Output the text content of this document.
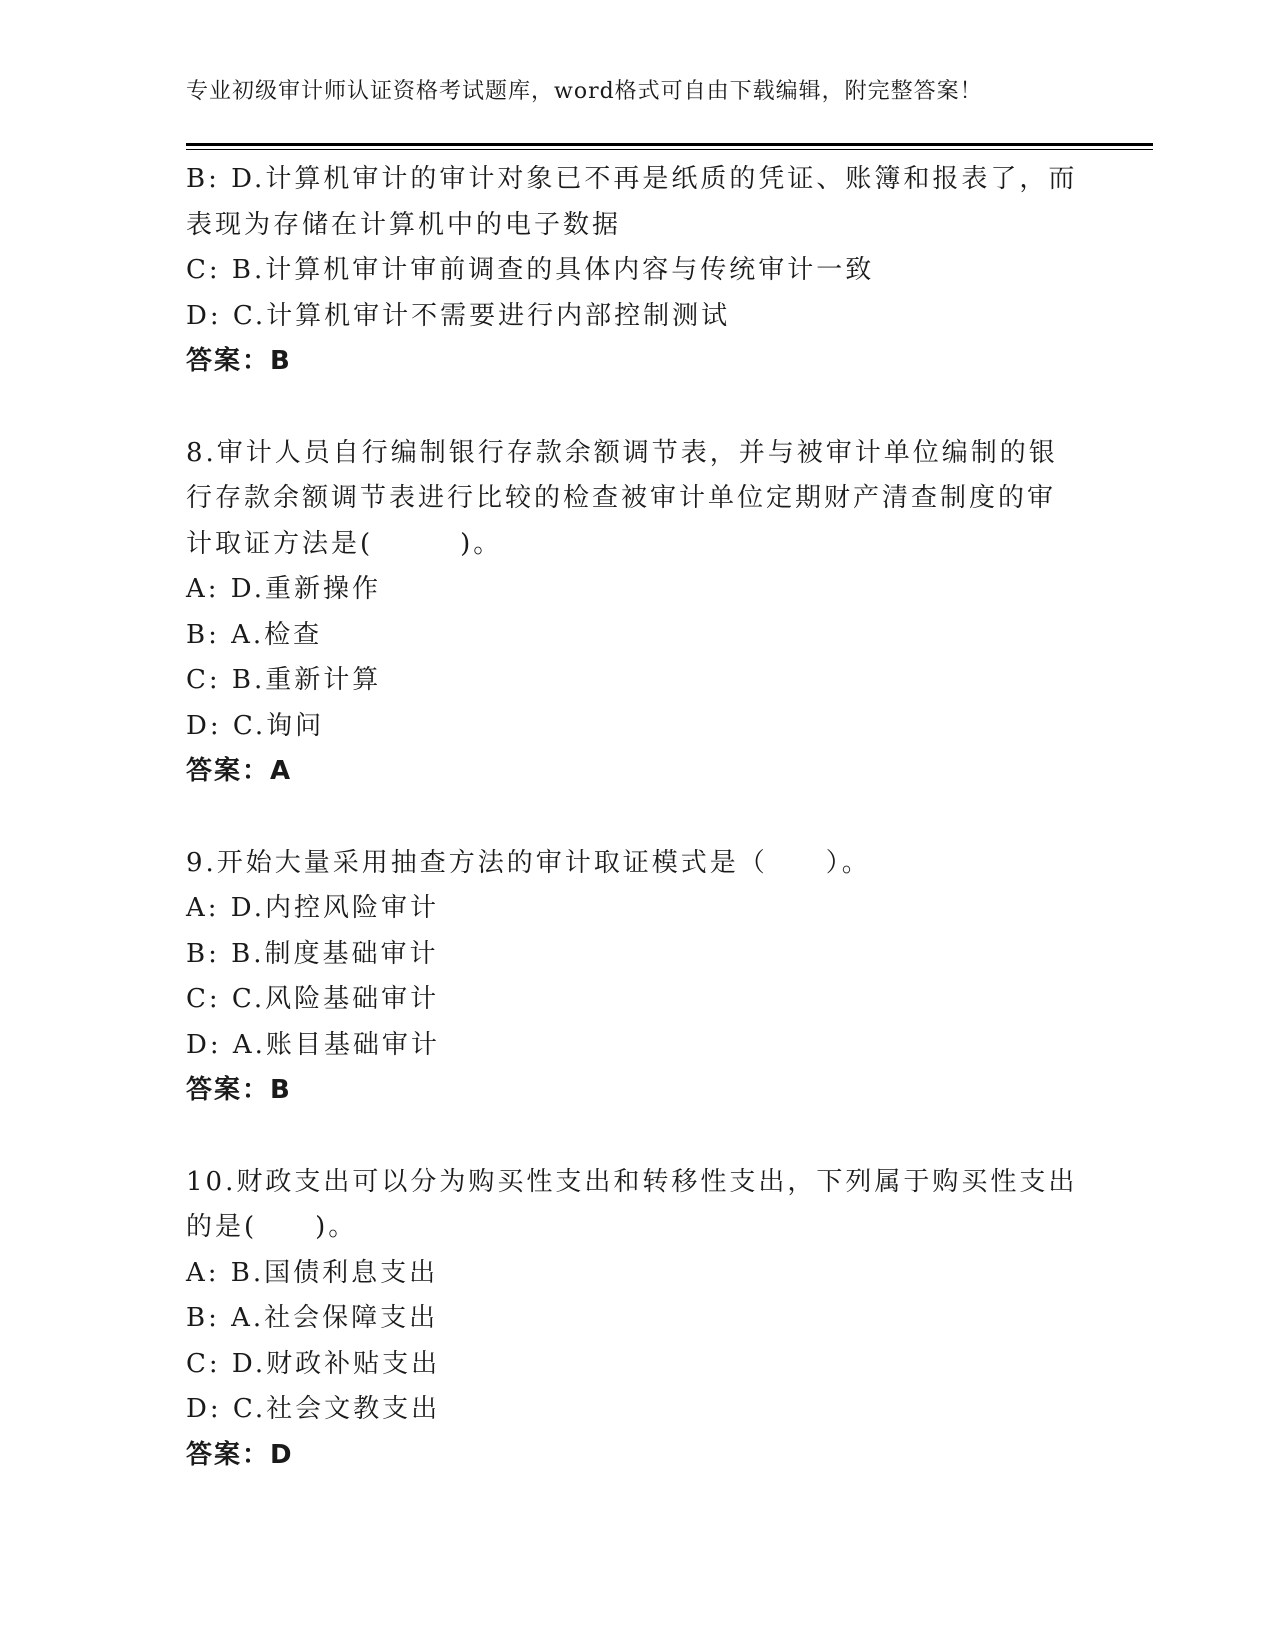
专业初级审计师认证资格考试题库，word格式可自由下载编辑，附完整答案！
B: D.计算机审计的审计对象已不再是纸质的凭证、账簿和报表了，而
表现为存储在计算机中的电子数据
C: B.计算机审计审前调查的具体内容与传统审计一致
D: C.计算机审计不需要进行内部控制测试
答案：B
8.审计人员自行编制银行存款余额调节表，并与被审计单位编制的银
行存款余额调节表进行比较的检查被审计单位定期财产清查制度的审
计取证方法是(　　　)。
A: D.重新操作
B: A.检查
C: B.重新计算
D: C.询问
答案：A
9.开始大量采用抽查方法的审计取证模式是（　　）。
A: D.内控风险审计
B: B.制度基础审计
C: C.风险基础审计
D: A.账目基础审计
答案：B
10.财政支出可以分为购买性支出和转移性支出，下列属于购买性支出
的是(　　)。
A: B.国债利息支出
B: A.社会保障支出
C: D.财政补贴支出
D: C.社会文教支出
答案：D
